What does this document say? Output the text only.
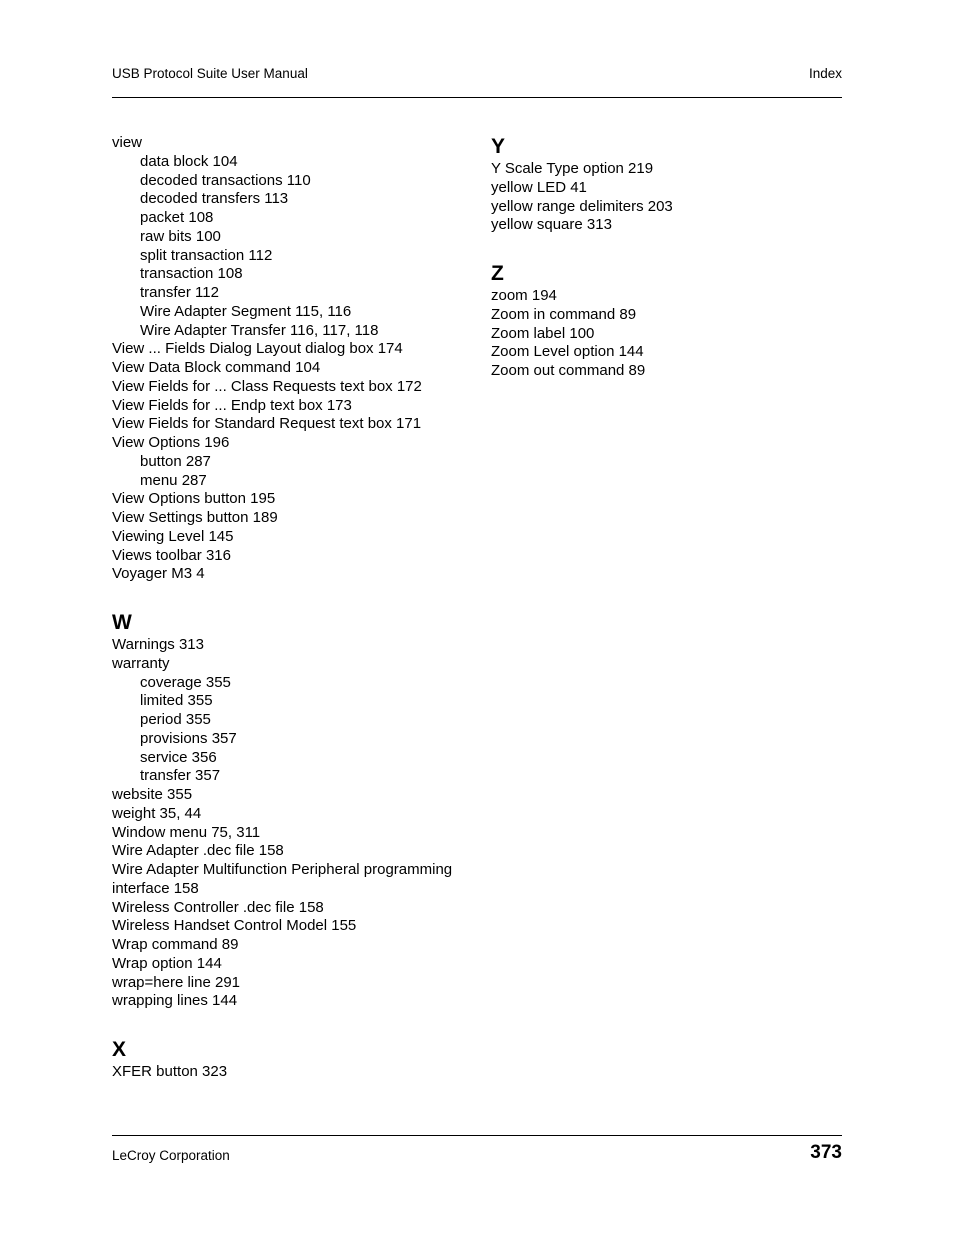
USB Protocol Suite User Manual	Index
view
data block 104
decoded transactions 110
decoded transfers 113
packet 108
raw bits 100
split transaction 112
transaction 108
transfer 112
Wire Adapter Segment 115, 116
Wire Adapter Transfer 116, 117, 118
View ... Fields Dialog Layout dialog box 174
View Data Block command 104
View Fields for ... Class Requests text box 172
View Fields for ... Endp text box 173
View Fields for Standard Request text box 171
View Options 196
button 287
menu 287
View Options button 195
View Settings button 189
Viewing Level 145
Views toolbar 316
Voyager M3 4
W
Warnings 313
warranty
coverage 355
limited 355
period 355
provisions 357
service 356
transfer 357
website 355
weight 35, 44
Window menu 75, 311
Wire Adapter .dec file 158
Wire Adapter Multifunction Peripheral programming interface 158
Wireless Controller .dec file 158
Wireless Handset Control Model 155
Wrap command 89
Wrap option 144
wrap=here line 291
wrapping lines 144
X
XFER button 323
Y
Y Scale Type option 219
yellow LED 41
yellow range delimiters 203
yellow square 313
Z
zoom 194
Zoom in command 89
Zoom label 100
Zoom Level option 144
Zoom out command 89
LeCroy Corporation	373
